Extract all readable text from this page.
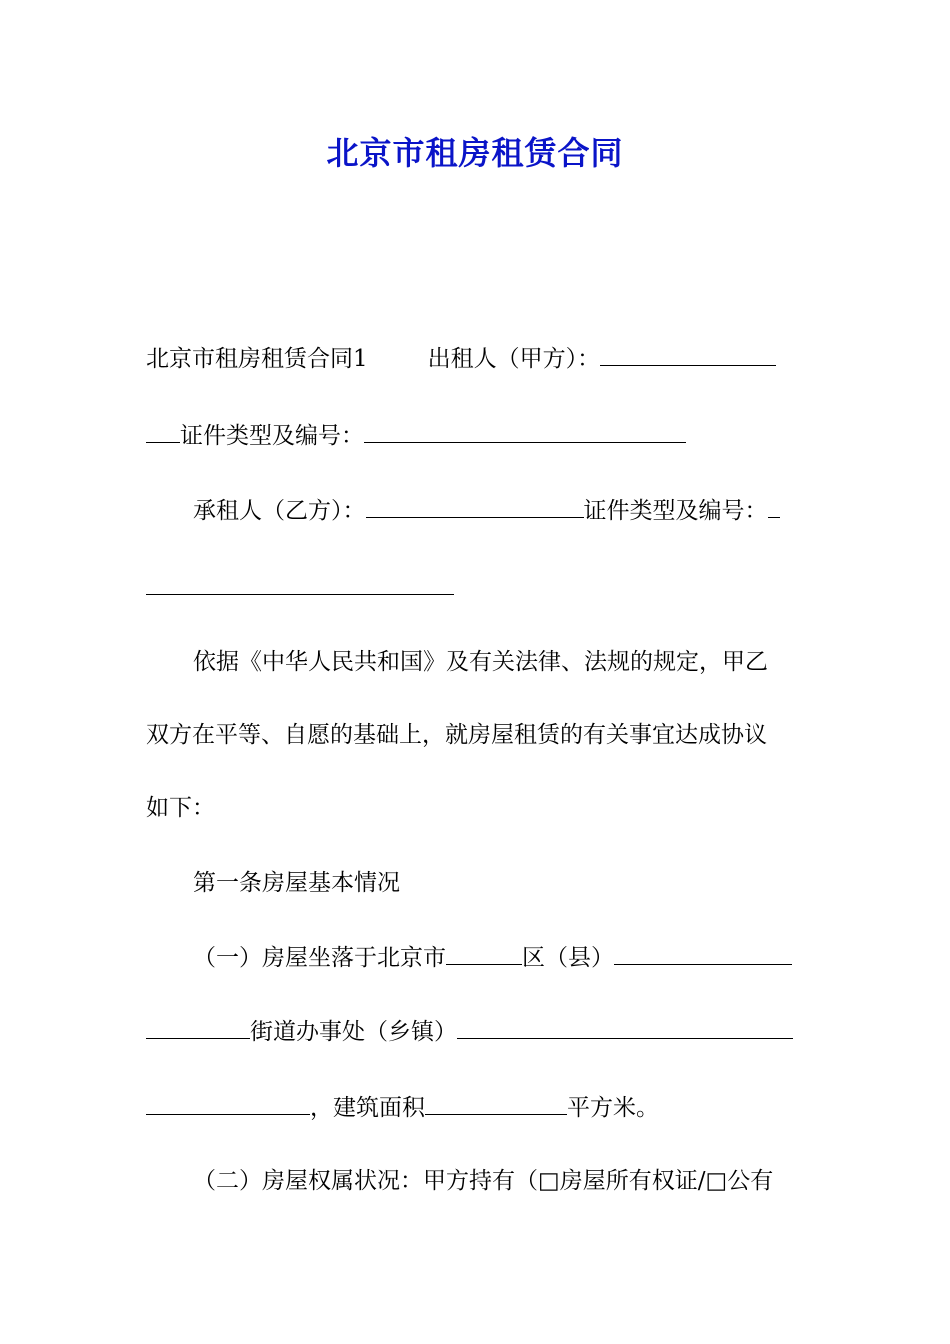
北京市租房租赁合同
北京市租房租赁合同1	出租人（甲方）：
证件类型及编号：
承租人（乙方）：	证件类型及编号：
依据《中华人民共和国》及有关法律、法规的规定，甲乙
双方在平等、自愿的基础上，就房屋租赁的有关事宜达成协议
如下：
第一条房屋基本情况
（一）房屋坐落于北京市	区（县）
街道办事处（乡镇）
，建筑面积	平方米。
（二）房屋权属状况：甲方持有（□房屋所有权证/□公有
